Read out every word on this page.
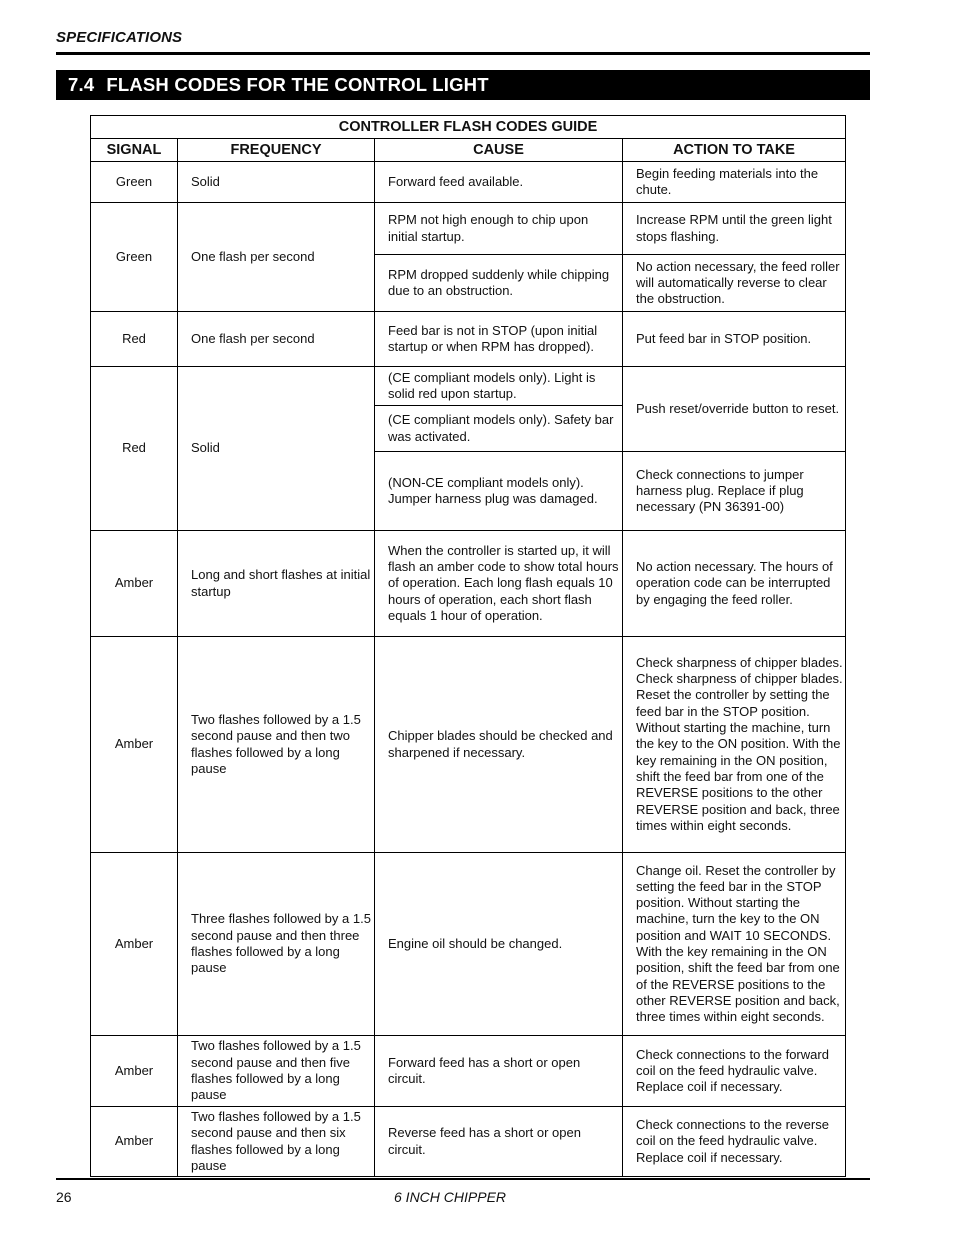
SPECIFICATIONS
7.4 FLASH CODES FOR THE CONTROL LIGHT
CONTROLLER FLASH CODES GUIDE			
SIGNAL	FREQUENCY	CAUSE	ACTION TO TAKE
Green	Solid	Forward feed available.	Begin feeding materials into the chute.
Green	One flash per second	RPM not high enough to chip upon initial startup.	Increase RPM until the green light stops flashing.
		RPM dropped suddenly while chipping due to an obstruction.	No action necessary, the feed roller will automatically reverse to clear the obstruction.
Red	One flash per second	Feed bar is not in STOP (upon initial startup or when RPM has dropped).	Put feed bar in STOP position.
Red	Solid	(CE compliant models only). Light is solid red upon startup.	Push reset/override button to reset.
		(CE compliant models only). Safety bar was activated.	
		(NON-CE compliant models only). Jumper harness plug was damaged.	Check connections to jumper harness plug. Replace if plug necessary (PN 36391-00)
Amber	Long and short flashes at initial startup	When the controller is started up, it will flash an amber code to show total hours of operation. Each long flash equals 10 hours of operation, each short flash equals 1 hour of operation.	No action necessary. The hours of operation code can be interrupted by engaging the feed roller.
Amber	Two flashes followed by a 1.5 second pause and then two flashes followed by a long pause	Chipper blades should be checked and sharpened if necessary.	Check sharpness of chipper blades. Check sharpness of chipper blades. Reset the controller by setting the feed bar in the STOP position. Without starting the machine, turn the key to the ON position. With the key remaining in the ON position, shift the feed bar from one of the REVERSE positions to the other REVERSE position and back, three times within eight seconds.
Amber	Three flashes followed by a 1.5 second pause and then three flashes followed by a long pause	Engine oil should be changed.	Change oil. Reset the controller by setting the feed bar in the STOP position. Without starting the machine, turn the key to the ON position and WAIT 10 SECONDS. With the key remaining in the ON position, shift the feed bar from one of the REVERSE positions to the other REVERSE position and back, three times within eight seconds.
Amber	Two flashes followed by a 1.5 second pause and then five flashes followed by a long pause	Forward feed has a short or open circuit.	Check connections to the forward coil on the feed hydraulic valve. Replace coil if necessary.
Amber	Two flashes followed by a 1.5 second pause and then six flashes followed by a long pause	Reverse feed has a short or open circuit.	Check connections to the reverse coil on the feed hydraulic valve. Replace coil if necessary.
26	6 INCH CHIPPER
